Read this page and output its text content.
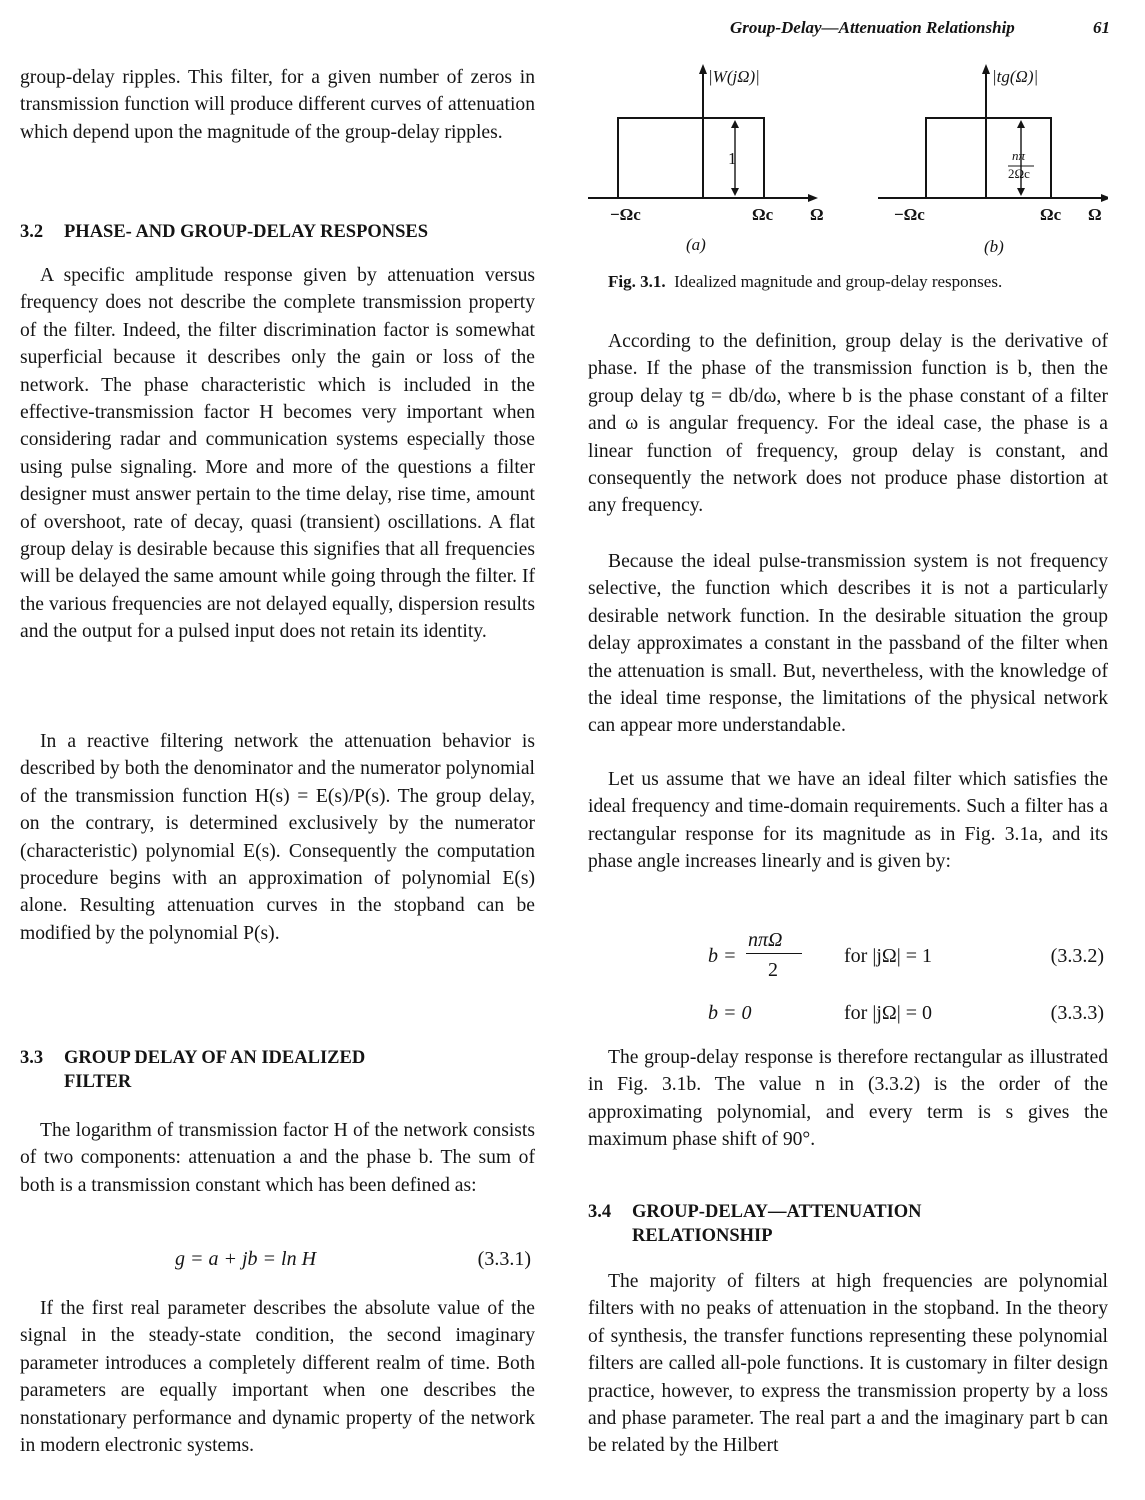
Group-Delay—Attenuation Relationship	61

group-delay ripples. This filter, for a given number of zeros in transmission function will produce different curves of attenuation which depend upon the magnitude of the group-delay ripples.

3.2 PHASE- AND GROUP-DELAY RESPONSES

A specific amplitude response given by attenuation versus frequency does not describe the complete transmission property of the filter. Indeed, the filter discrimination factor is somewhat superficial because it describes only the gain or loss of the network. The phase characteristic which is included in the effective-transmission factor H becomes very important when considering radar and communication systems especially those using pulse signaling. More and more of the questions a filter designer must answer pertain to the time delay, rise time, amount of overshoot, rate of decay, quasi (transient) oscillations. A flat group delay is desirable because this signifies that all frequencies will be delayed the same amount while going through the filter. If the various frequencies are not delayed equally, dispersion results and the output for a pulsed input does not retain its identity.

In a reactive filtering network the attenuation behavior is described by both the denominator and the numerator polynomial of the transmission function H(s) = E(s)/P(s). The group delay, on the contrary, is determined exclusively by the numerator (characteristic) polynomial E(s). Consequently the computation procedure begins with an approximation of polynomial E(s) alone. Resulting attenuation curves in the stopband can be modified by the polynomial P(s).

3.3 GROUP DELAY OF AN IDEALIZED
FILTER

The logarithm of transmission factor H of the network consists of two components: attenuation a and the phase b. The sum of both is a transmission constant which has been defined as:

g = a + jb = ln H	(3.3.1)

If the first real parameter describes the absolute value of the signal in the steady-state condition, the second imaginary parameter introduces a completely different realm of time. Both parameters are equally important when one describes the nonstationary performance and dynamic property of the network in modern electronic systems.

|W(jΩ)|
−Ωc	Ωc Ω
1
(a)
|tg(Ω)|
−Ωc	Ωc Ω
nπ
2Ωc
(b)
Fig. 3.1. Idealized magnitude and group-delay responses.

According to the definition, group delay is the derivative of phase. If the phase of the transmission function is b, then the group delay tg = db/dω, where b is the phase constant of a filter and ω is angular frequency. For the ideal case, the phase is a linear function of frequency, group delay is constant, and consequently the network does not produce phase distortion at any frequency.

Because the ideal pulse-transmission system is not frequency selective, the function which describes it is not a particularly desirable network function. In the desirable situation the group delay approximates a constant in the passband of the filter when the attenuation is small. But, nevertheless, with the knowledge of the ideal time response, the limitations of the physical network can appear more understandable.

Let us assume that we have an ideal filter which satisfies the ideal frequency and time-domain requirements. Such a filter has a rectangular response for its magnitude as in Fig. 3.1a, and its phase angle increases linearly and is given by:

b =
nπΩ
2
for |jΩ| = 1	(3.3.2)
b = 0	for |jΩ| = 0	(3.3.3)

The group-delay response is therefore rectangular as illustrated in Fig. 3.1b. The value n in (3.3.2) is the order of the approximating polynomial, and every term is s gives the maximum phase shift of 90°.

3.4 GROUP-DELAY—ATTENUATION
RELATIONSHIP

The majority of filters at high frequencies are polynomial filters with no peaks of attenuation in the stopband. In the theory of synthesis, the transfer functions representing these polynomial filters are called all-pole functions. It is customary in filter design practice, however, to express the transmission property by a loss and phase parameter. The real part a and the imaginary part b can be related by the Hilbert
